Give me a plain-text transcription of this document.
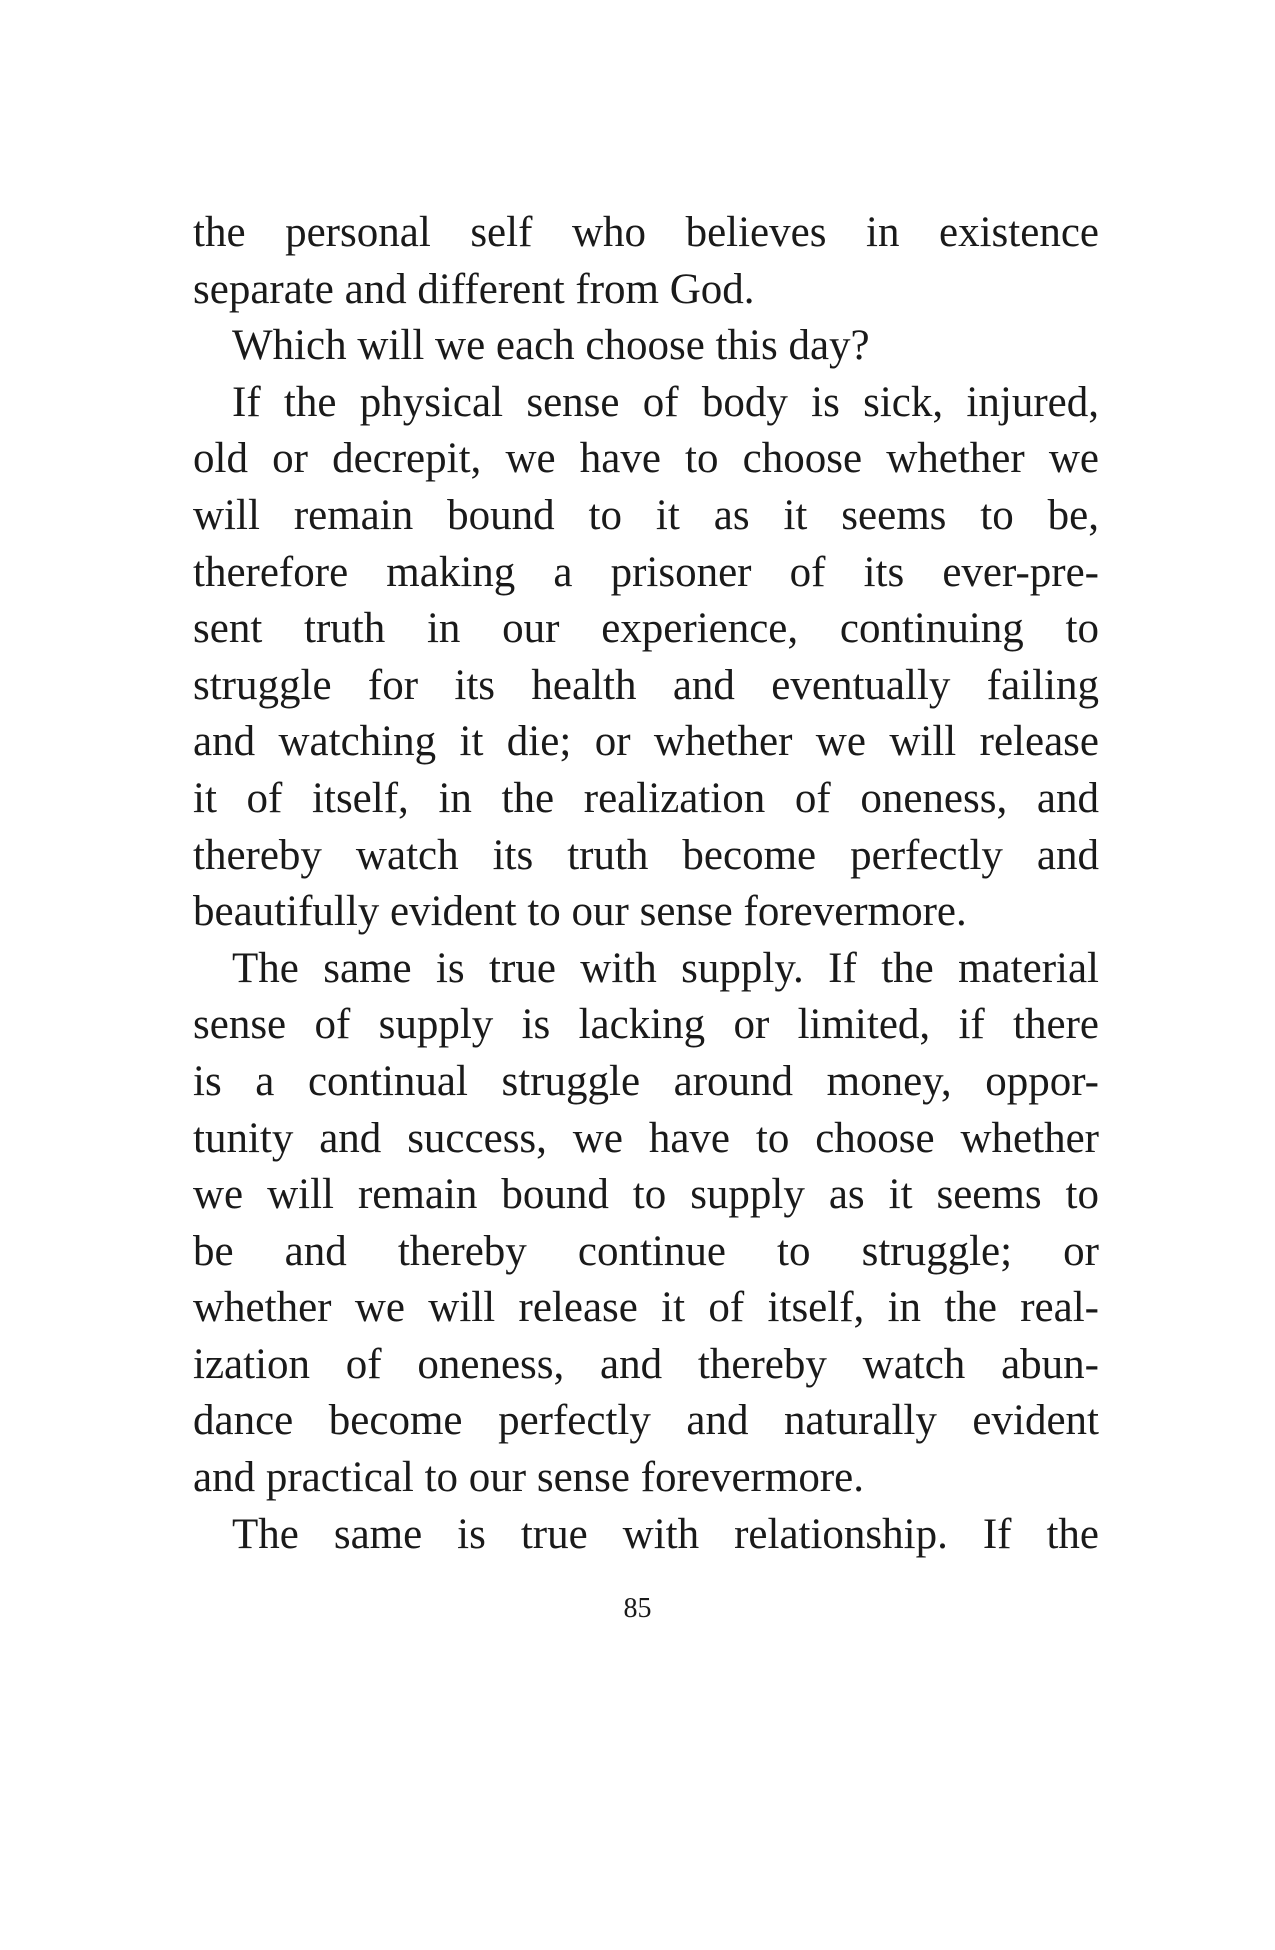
the personal self who believes in existence
separate and different from God.
Which will we each choose this day?
If the physical sense of body is sick, injured,
old or decrepit, we have to choose whether we
will remain bound to it as it seems to be,
therefore making a prisoner of its ever-pre-
sent truth in our experience, continuing to
struggle for its health and eventually failing
and watching it die; or whether we will release
it of itself, in the realization of oneness, and
thereby watch its truth become perfectly and
beautifully evident to our sense forevermore.
The same is true with supply. If the material
sense of supply is lacking or limited, if there
is a continual struggle around money, oppor-
tunity and success, we have to choose whether
we will remain bound to supply as it seems to
be and thereby continue to struggle; or
whether we will release it of itself, in the real-
ization of oneness, and thereby watch abun-
dance become perfectly and naturally evident
and practical to our sense forevermore.
The same is true with relationship. If the
85
